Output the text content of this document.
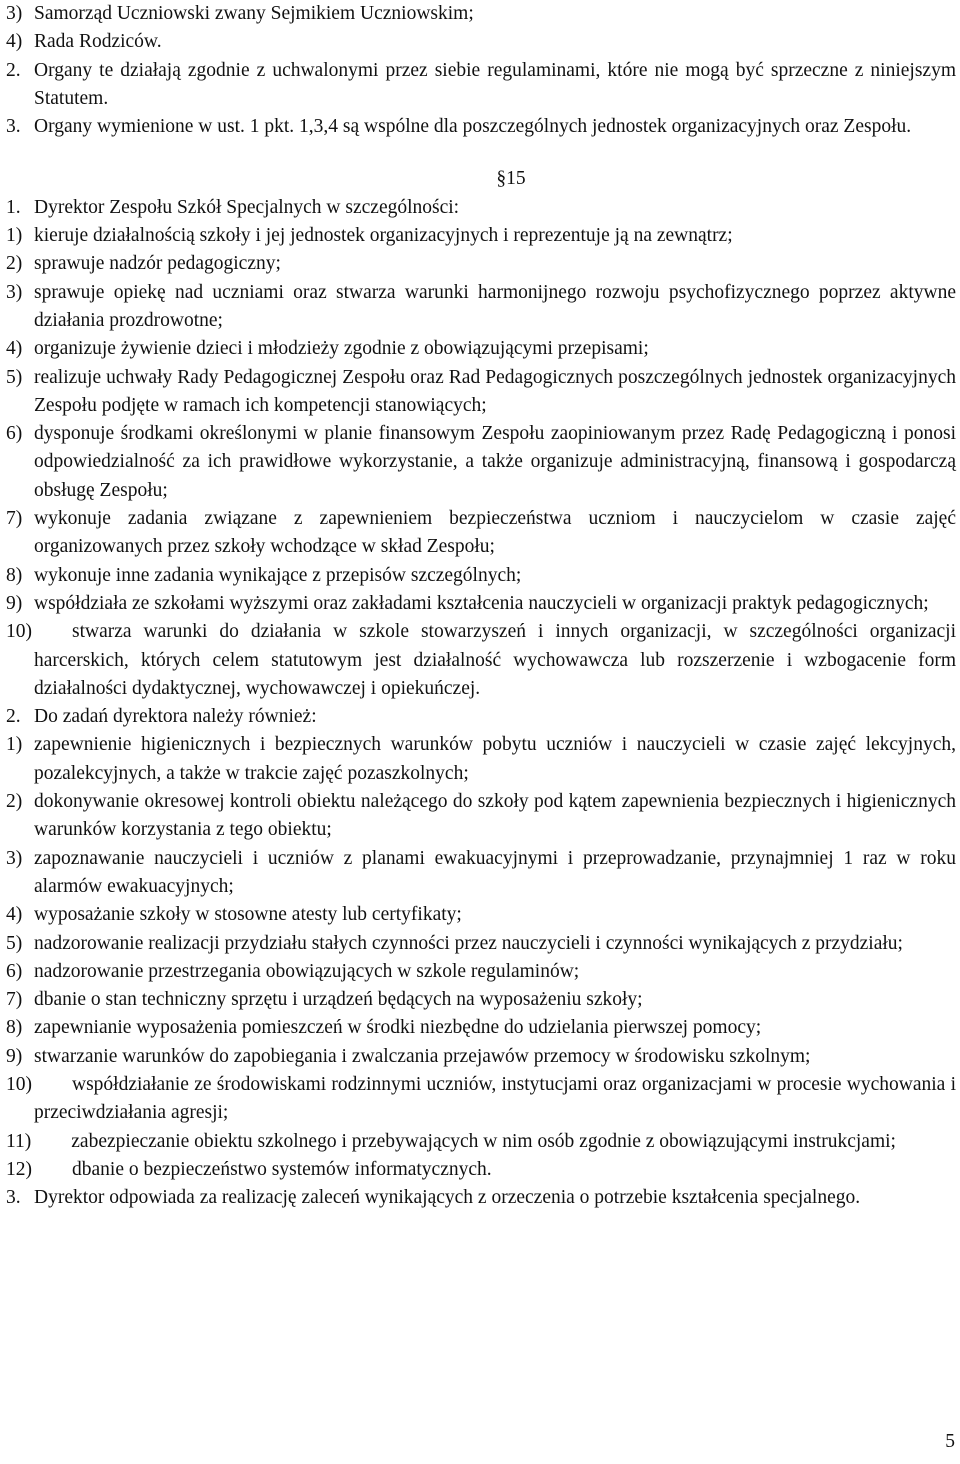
3) Samorząd Uczniowski zwany Sejmikiem Uczniowskim;
4) Rada Rodziców.
2. Organy te działają zgodnie z uchwalonymi przez siebie regulaminami, które nie mogą być sprzeczne z niniejszym Statutem.
3. Organy wymienione w ust. 1 pkt. 1,3,4 są wspólne dla poszczególnych jednostek organizacyjnych oraz Zespołu.
§15
1. Dyrektor Zespołu Szkół Specjalnych w szczególności:
1) kieruje działalnością szkoły i jej jednostek organizacyjnych i reprezentuje ją na zewnątrz;
2) sprawuje nadzór pedagogiczny;
3) sprawuje opiekę nad uczniami oraz stwarza warunki harmonijnego rozwoju psychofizycznego poprzez aktywne działania prozdrowotne;
4) organizuje żywienie dzieci i młodzieży zgodnie z obowiązującymi przepisami;
5) realizuje uchwały Rady Pedagogicznej Zespołu oraz Rad Pedagogicznych poszczególnych jednostek organizacyjnych Zespołu podjęte w ramach ich kompetencji stanowiących;
6) dysponuje środkami określonymi w planie finansowym Zespołu zaopiniowanym przez Radę Pedagogiczną i ponosi odpowiedzialność za ich prawidłowe wykorzystanie, a także organizuje administracyjną, finansową i gospodarczą obsługę Zespołu;
7) wykonuje zadania związane z zapewnieniem bezpieczeństwa uczniom i nauczycielom w czasie zajęć organizowanych przez szkoły wchodzące w skład Zespołu;
8) wykonuje inne zadania wynikające z przepisów szczególnych;
9) współdziała ze szkołami wyższymi oraz zakładami kształcenia nauczycieli w organizacji praktyk pedagogicznych;
10) stwarza warunki do działania w szkole stowarzyszeń i innych organizacji, w szczególności organizacji harcerskich, których celem statutowym jest działalność wychowawcza lub rozszerzenie i wzbogacenie form działalności dydaktycznej, wychowawczej i opiekuńczej.
2. Do zadań dyrektora należy również:
1) zapewnienie higienicznych i bezpiecznych warunków pobytu uczniów i nauczycieli w czasie zajęć lekcyjnych, pozalekcyjnych, a także w trakcie zajęć pozaszkolnych;
2) dokonywanie okresowej kontroli obiektu należącego do szkoły pod kątem zapewnienia bezpiecznych i higienicznych warunków korzystania z tego obiektu;
3) zapoznawanie nauczycieli i uczniów z planami ewakuacyjnymi i przeprowadzanie, przynajmniej 1 raz w roku alarmów ewakuacyjnych;
4) wyposażanie szkoły w stosowne atesty lub certyfikaty;
5) nadzorowanie realizacji przydziału stałych czynności przez nauczycieli i czynności wynikających z przydziału;
6) nadzorowanie przestrzegania obowiązujących w szkole regulaminów;
7) dbanie o stan techniczny sprzętu i urządzeń będących na wyposażeniu szkoły;
8) zapewnianie wyposażenia pomieszczeń w środki niezbędne do udzielania pierwszej pomocy;
9) stwarzanie warunków do zapobiegania i zwalczania przejawów przemocy w środowisku szkolnym;
10) współdziałanie ze środowiskami rodzinnymi uczniów, instytucjami oraz organizacjami w procesie wychowania i przeciwdziałania agresji;
11) zabezpieczanie obiektu szkolnego i przebywających w nim osób zgodnie z obowiązującymi instrukcjami;
12) dbanie o bezpieczeństwo systemów informatycznych.
3. Dyrektor odpowiada za realizację zaleceń wynikających z orzeczenia o potrzebie kształcenia specjalnego.
5
